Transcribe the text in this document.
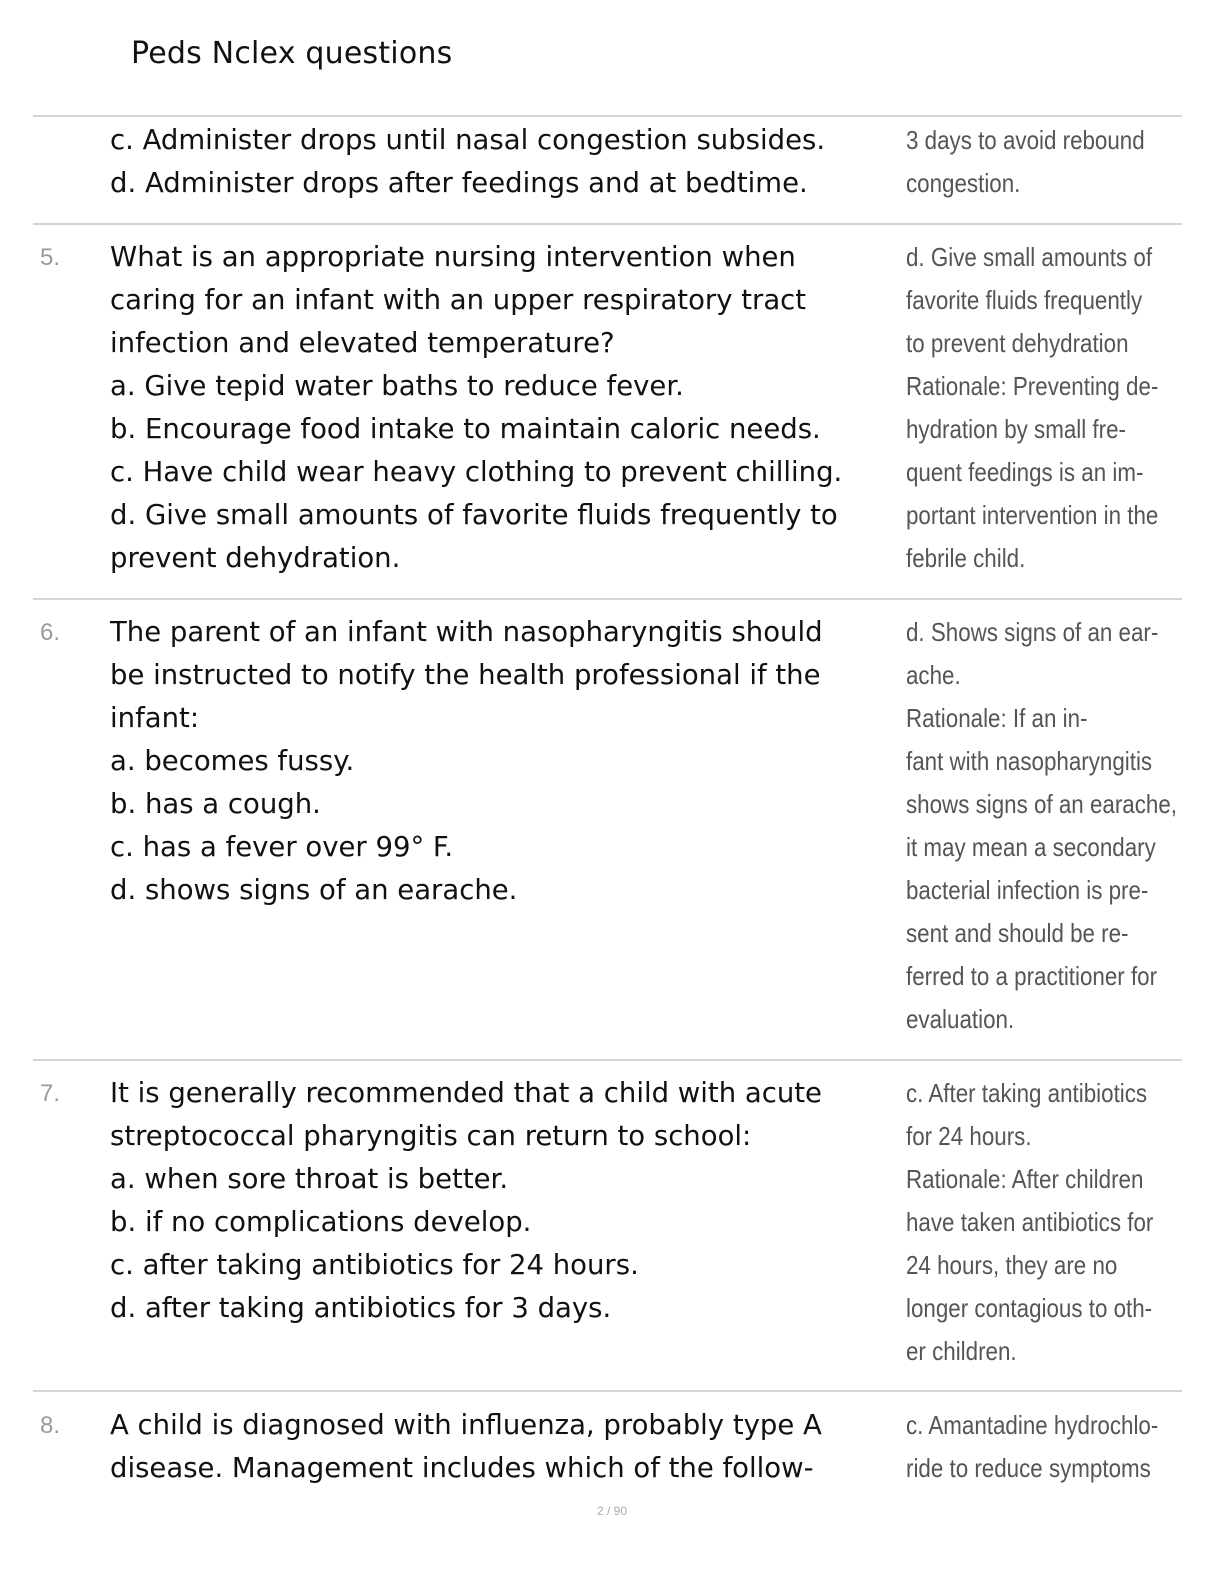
Peds Nclex questions
c. Administer drops until nasal congestion subsides.
d. Administer drops after feedings and at bedtime.
3 days to avoid rebound
congestion.
5. What is an appropriate nursing intervention when
caring for an infant with an upper respiratory tract
infection and elevated temperature?
a. Give tepid water baths to reduce fever.
b. Encourage food intake to maintain caloric needs.
c. Have child wear heavy clothing to prevent chilling.
d. Give small amounts of favorite fluids frequently to
prevent dehydration.
d. Give small amounts of
favorite fluids frequently
to prevent dehydration
Rationale: Preventing de-
hydration by small fre-
quent feedings is an im-
portant intervention in the
febrile child.
6. The parent of an infant with nasopharyngitis should
be instructed to notify the health professional if the
infant:
a. becomes fussy.
b. has a cough.
c. has a fever over 99° F.
d. shows signs of an earache.
d. Shows signs of an ear-
ache.
Rationale: If an in-
fant with nasopharyngitis
shows signs of an earache,
it may mean a secondary
bacterial infection is pre-
sent and should be re-
ferred to a practitioner for
evaluation.
7. It is generally recommended that a child with acute
streptococcal pharyngitis can return to school:
a. when sore throat is better.
b. if no complications develop.
c. after taking antibiotics for 24 hours.
d. after taking antibiotics for 3 days.
c. After taking antibiotics
for 24 hours.
Rationale: After children
have taken antibiotics for
24 hours, they are no
longer contagious to oth-
er children.
8. A child is diagnosed with influenza, probably type A
disease. Management includes which of the follow-
c. Amantadine hydrochlo-
ride to reduce symptoms
2 / 90
